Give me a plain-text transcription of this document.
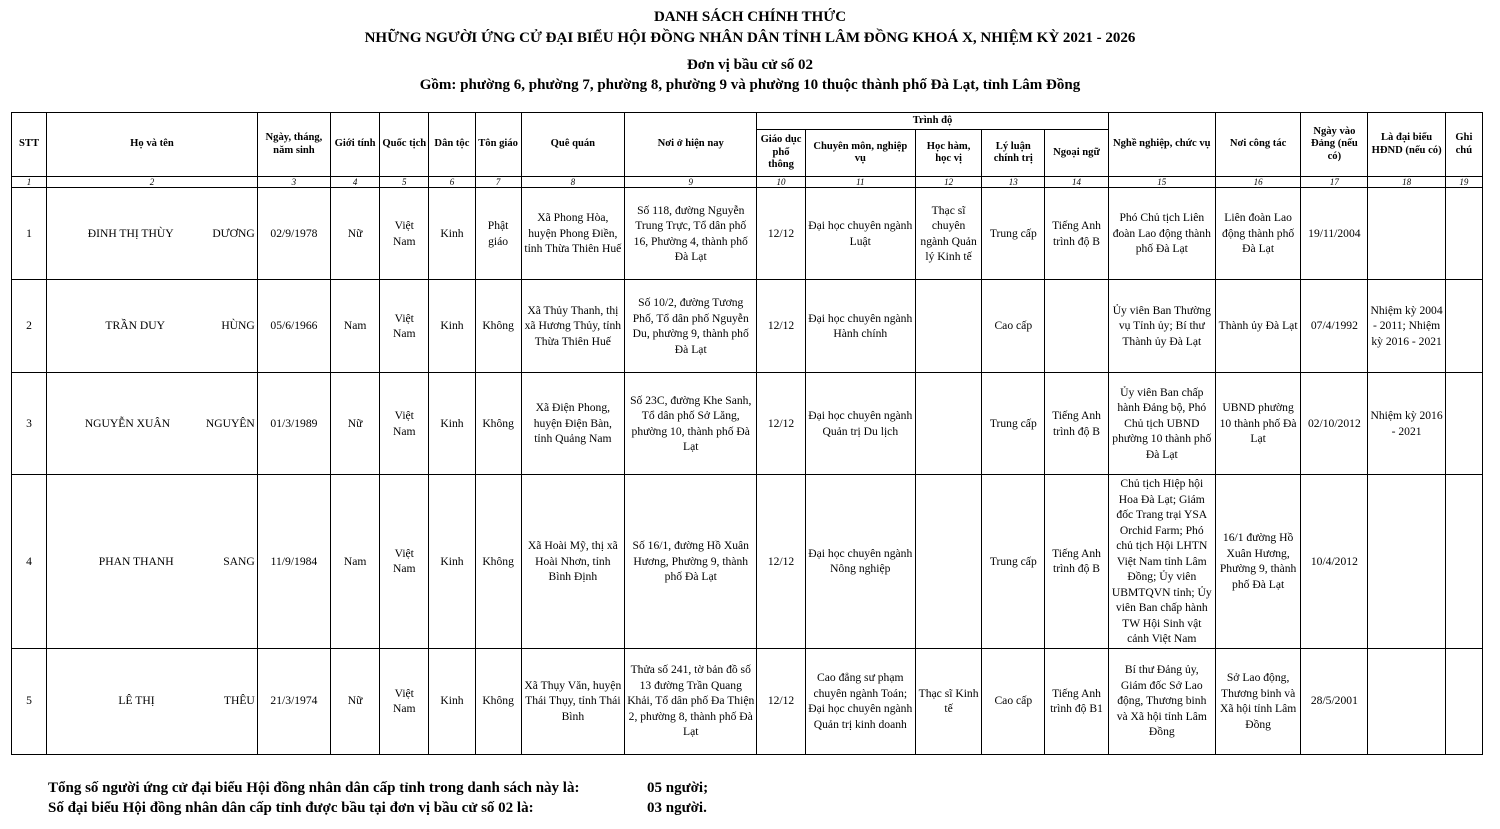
DANH SÁCH CHÍNH THỨC
NHỮNG NGƯỜI ỨNG CỬ ĐẠI BIỂU HỘI ĐỒNG NHÂN DÂN TỈNH LÂM ĐỒNG KHOÁ X, NHIỆM KỲ 2021 - 2026
Đơn vị bầu cử số 02
Gồm: phường 6, phường 7, phường 8, phường 9 và phường 10 thuộc thành phố Đà Lạt, tỉnh Lâm Đồng
STT	Họ và tên	Ngày, tháng, năm sinh	Giới tính	Quốc tịch	Dân tộc	Tôn giáo	Quê quán	Nơi ở hiện nay	Trình độ					Nghề nghiệp, chức vụ	Nơi công tác	Ngày vào Đảng (nếu có)	Là đại biểu HĐND (nếu có)	Ghi chú
									Giáo dục phổ thông	Chuyên môn, nghiệp vụ	Học hàm, học vị	Lý luận chính trị	Ngoại ngữ					
1	2	3	4	5	6	7	8	9	10	11	12	13	14	15	16	17	18	19
1	ĐINH THỊ THÙY DƯƠNG	02/9/1978	Nữ	Việt Nam	Kinh	Phật giáo	Xã Phong Hòa, huyện Phong Điền, tỉnh Thừa Thiên Huế	Số 118, đường Nguyễn Trung Trực, Tổ dân phố 16, Phường 4, thành phố Đà Lạt	12/12	Đại học chuyên ngành Luật	Thạc sĩ chuyên ngành Quản lý Kinh tế	Trung cấp	Tiếng Anh trình độ B	Phó Chủ tịch Liên đoàn Lao động thành phố Đà Lạt	Liên đoàn Lao động thành phố Đà Lạt	19/11/2004		
2	TRẦN DUY HÙNG	05/6/1966	Nam	Việt Nam	Kinh	Không	Xã Thủy Thanh, thị xã Hương Thủy, tỉnh Thừa Thiên Huế	Số 10/2, đường Tương Phố, Tổ dân phố Nguyễn Du, phường 9, thành phố Đà Lạt	12/12	Đại học chuyên ngành Hành chính		Cao cấp		Ủy viên Ban Thường vụ Tỉnh ủy; Bí thư Thành ủy Đà Lạt	Thành ủy Đà Lạt	07/4/1992	Nhiệm kỳ 2004 - 2011; Nhiệm kỳ 2016 - 2021	
3	NGUYỄN XUÂN NGUYÊN	01/3/1989	Nữ	Việt Nam	Kinh	Không	Xã Điện Phong, huyện Điện Bàn, tỉnh Quảng Nam	Số 23C, đường Khe Sanh, Tổ dân phố Sở Lăng, phường 10, thành phố Đà Lạt	12/12	Đại học chuyên ngành Quản trị Du lịch		Trung cấp	Tiếng Anh trình độ B	Ủy viên Ban chấp hành Đảng bộ, Phó Chủ tịch UBND phường 10 thành phố Đà Lạt	UBND phường 10 thành phố Đà Lạt	02/10/2012	Nhiệm kỳ 2016 - 2021	
4	PHAN THANH SANG	11/9/1984	Nam	Việt Nam	Kinh	Không	Xã Hoài Mỹ, thị xã Hoài Nhơn, tỉnh Bình Định	Số 16/1, đường Hồ Xuân Hương, Phường 9, thành phố Đà Lạt	12/12	Đại học chuyên ngành Nông nghiệp		Trung cấp	Tiếng Anh trình độ B	Chủ tịch Hiệp hội Hoa Đà Lạt; Giám đốc Trang trại YSA Orchid Farm; Phó chủ tịch Hội LHTN Việt Nam tỉnh Lâm Đồng; Ủy viên UBMTQVN tỉnh; Ủy viên Ban chấp hành TW Hội Sinh vật cảnh Việt Nam	16/1 đường Hồ Xuân Hương, Phường 9, thành phố Đà Lạt	10/4/2012		
5	LÊ THỊ THÊU	21/3/1974	Nữ	Việt Nam	Kinh	Không	Xã Thụy Văn, huyện Thái Thụy, tỉnh Thái Bình	Thửa số 241, tờ bản đồ số 13 đường Trần Quang Khải, Tổ dân phố Đa Thiện 2, phường 8, thành phố Đà Lạt	12/12	Cao đẳng sư phạm chuyên ngành Toán; Đại học chuyên ngành Quản trị kinh doanh	Thạc sĩ Kinh tế	Cao cấp	Tiếng Anh trình độ B1	Bí thư Đảng ủy, Giám đốc Sở Lao động, Thương binh và Xã hội tỉnh Lâm Đồng	Sở Lao động, Thương binh và Xã hội tỉnh Lâm Đồng	28/5/2001		
Tổng số người ứng cử đại biểu Hội đồng nhân dân cấp tỉnh trong danh sách này là:	05 người;
Số đại biểu Hội đồng nhân dân cấp tỉnh được bầu tại đơn vị bầu cử số 02 là:	03 người.
